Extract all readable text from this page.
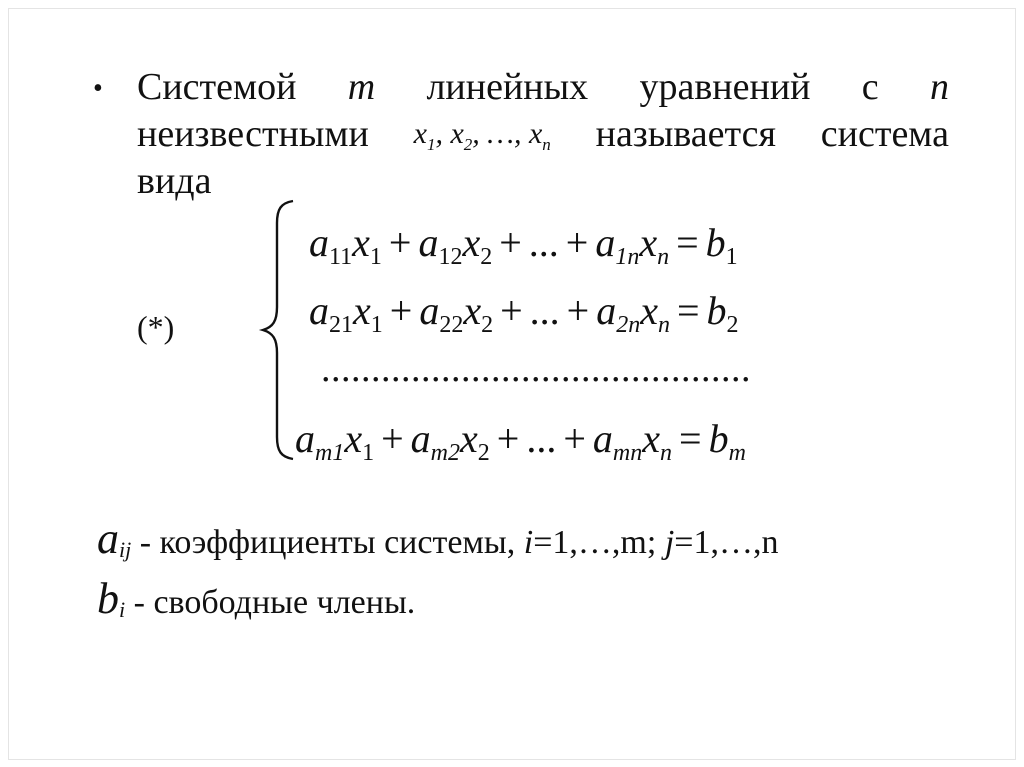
• Системой m линейных уравнений с n
неизвестными $x_1$, $x_2$, …, $x_n$ называется система
вида
(*)
$a_{11}x_1 + a_{12}x_2$ + ... + $a_{1n}x_n = b_1$
$a_{21}x_1 + a_{22}x_2$ + ... + $a_{2n}x_n = b_2$
...........................................
$a_{m1}x_1 + a_{m2}x_2$ + ... + $a_{mn}x_n = b_m$
$a_{ij}$ - коэффициенты системы, i=1,…,m; j=1,…,n
$b_i$ - свободные члены.
